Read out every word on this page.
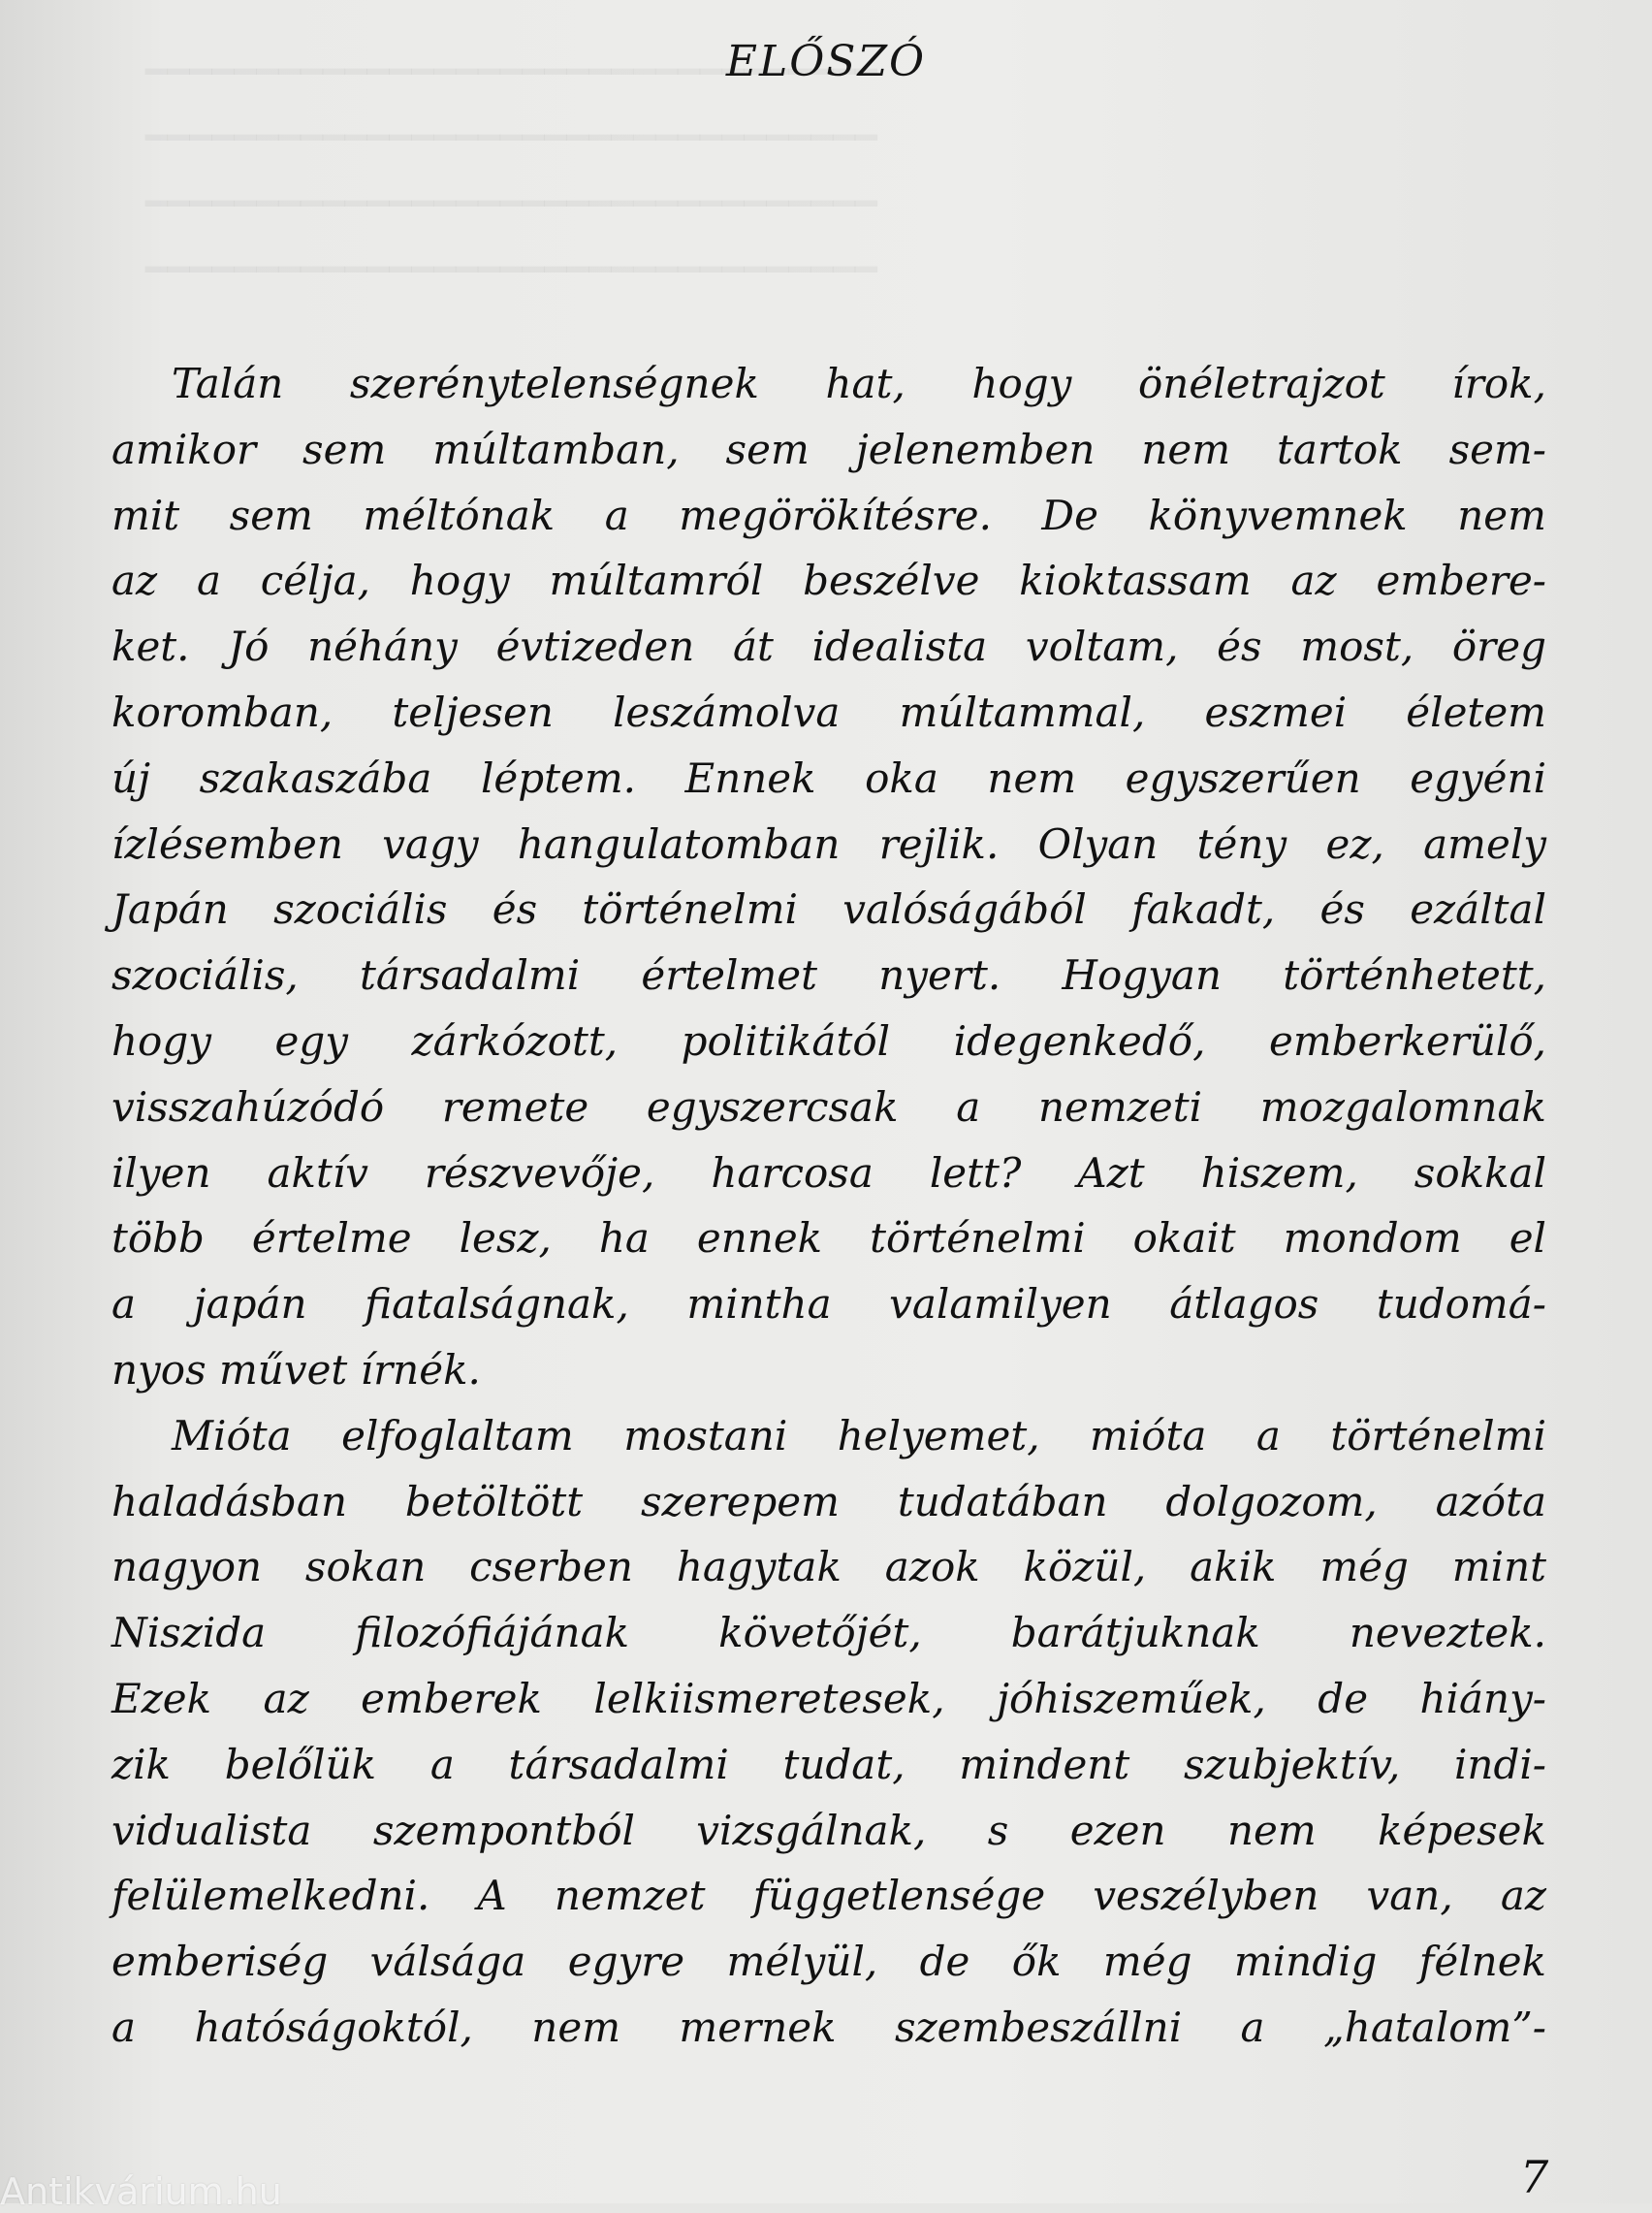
ELŐSZÓ
Talán szerénytelenségnek hat, hogy önéletrajzot írok,
amikor sem múltamban, sem jelenemben nem tartok sem-
mit sem méltónak a megörökítésre. De könyvemnek nem
az a célja, hogy múltamról beszélve kioktassam az embere-
ket. Jó néhány évtizeden át idealista voltam, és most, öreg
koromban, teljesen leszámolva múltammal, eszmei életem
új szakaszába léptem. Ennek oka nem egyszerűen egyéni
ízlésemben vagy hangulatomban rejlik. Olyan tény ez, amely
Japán szociális és történelmi valóságából fakadt, és ezáltal
szociális, társadalmi értelmet nyert. Hogyan történhetett,
hogy egy zárkózott, politikától idegenkedő, emberkerülő,
visszahúzódó remete egyszercsak a nemzeti mozgalomnak
ilyen aktív részvevője, harcosa lett? Azt hiszem, sokkal
több értelme lesz, ha ennek történelmi okait mondom el
a japán fiatalságnak, mintha valamilyen átlagos tudomá-
nyos művet írnék.
Mióta elfoglaltam mostani helyemet, mióta a történelmi
haladásban betöltött szerepem tudatában dolgozom, azóta
nagyon sokan cserben hagytak azok közül, akik még mint
Niszida filozófiájának követőjét, barátjuknak neveztek.
Ezek az emberek lelkiismeretesek, jóhiszeműek, de hiány-
zik belőlük a társadalmi tudat, mindent szubjektív, indi-
vidualista szempontból vizsgálnak, s ezen nem képesek
felülemelkedni. A nemzet függetlensége veszélyben van, az
emberiség válsága egyre mélyül, de ők még mindig félnek
a hatóságoktól, nem mernek szembeszállni a „hatalom”-
7
Antikvárium.hu
